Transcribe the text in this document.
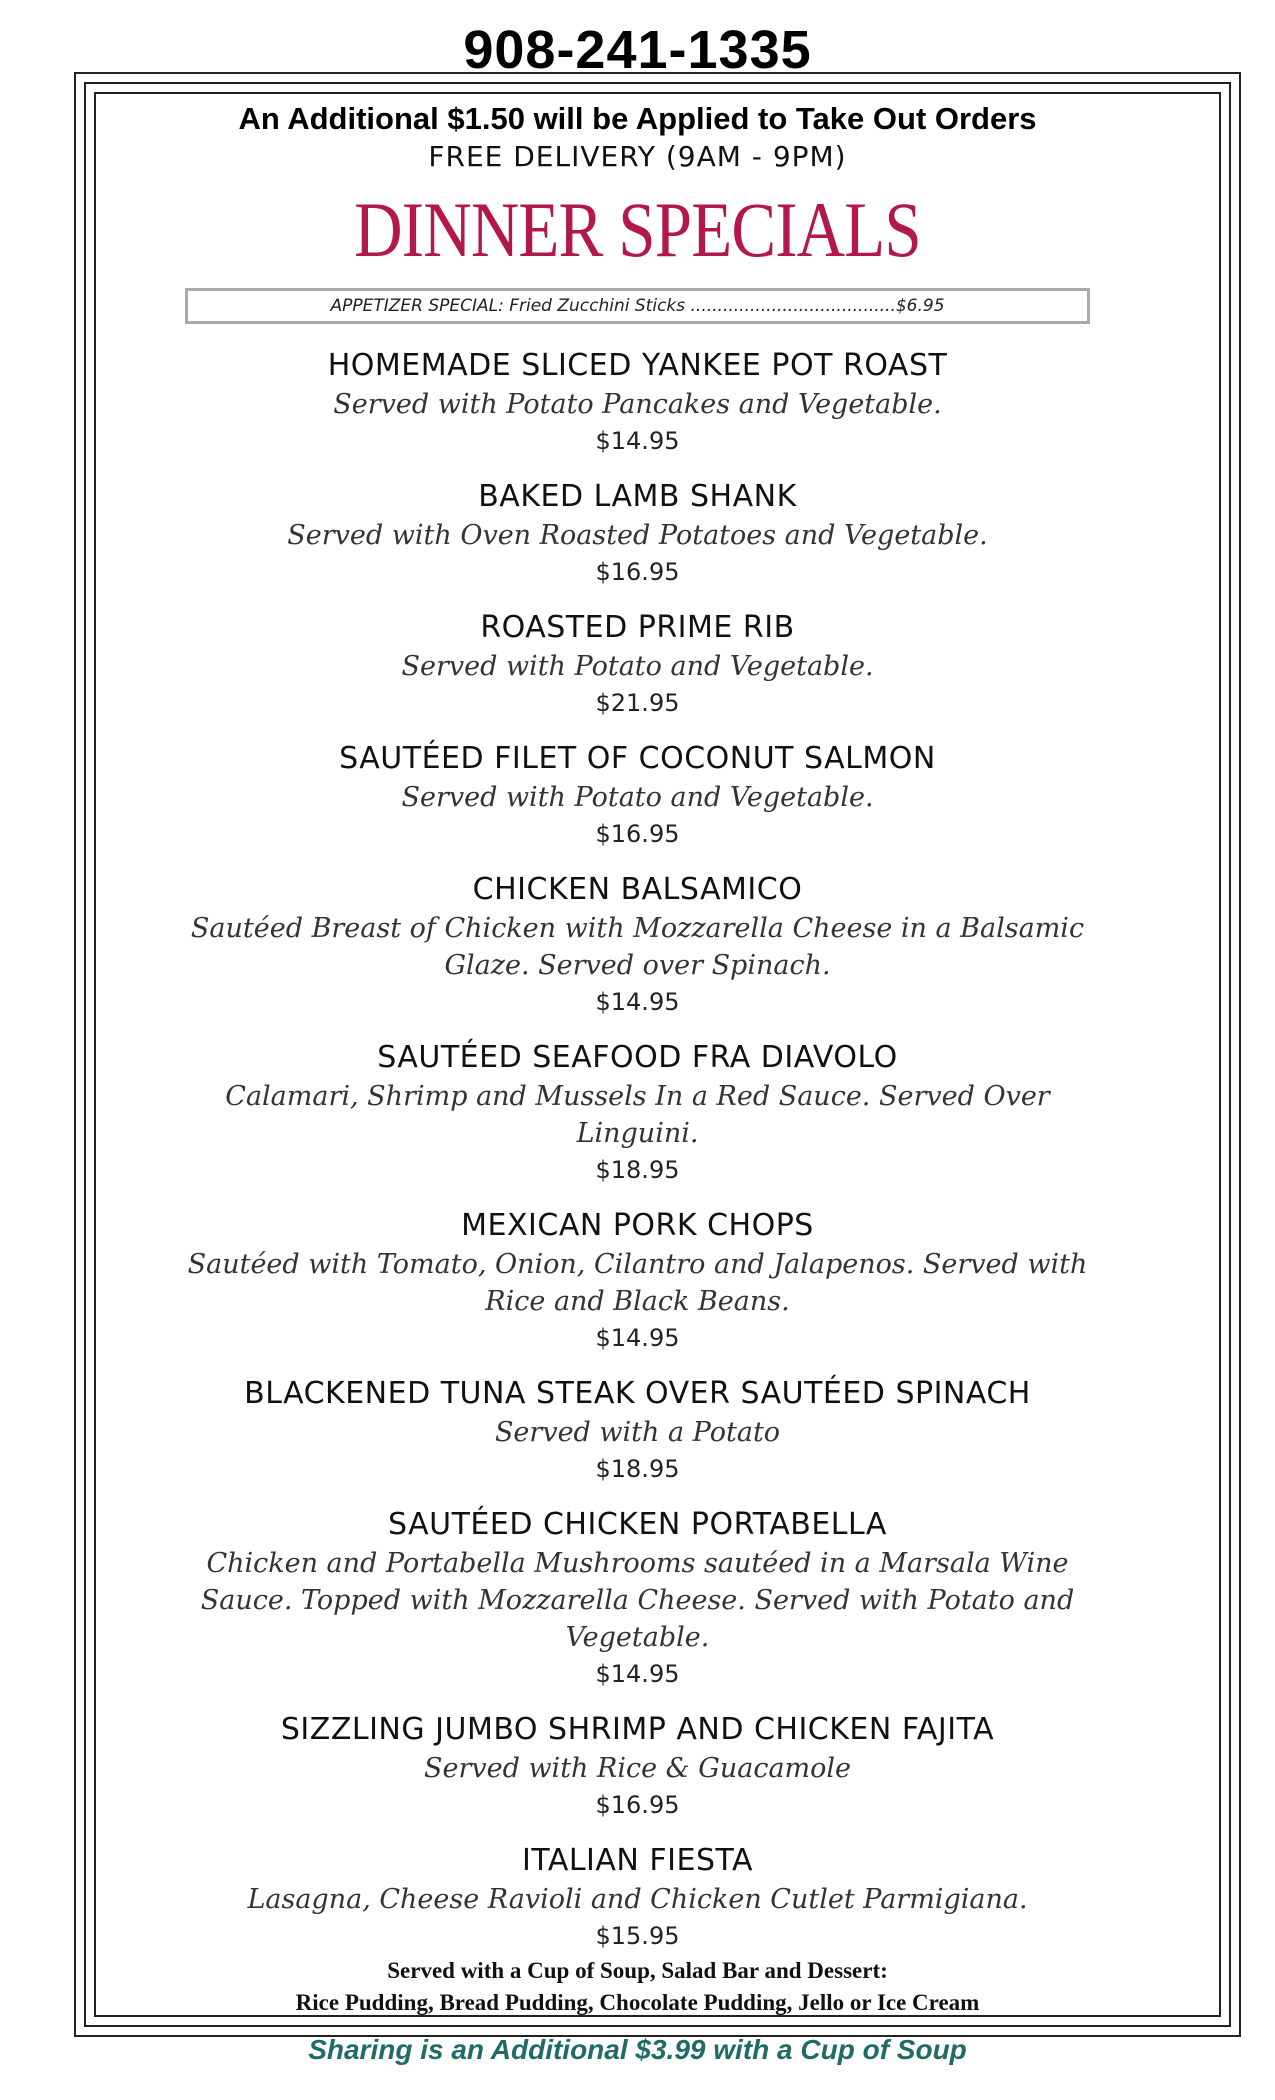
908-241-1335
An Additional $1.50 will be Applied to Take Out Orders
FREE DELIVERY (9AM - 9PM)
DINNER SPECIALS
APPETIZER SPECIAL: Fried Zucchini Sticks ......................................$6.95
HOMEMADE SLICED YANKEE POT ROAST
Served with Potato Pancakes and Vegetable.
$14.95
BAKED LAMB SHANK
Served with Oven Roasted Potatoes and Vegetable.
$16.95
ROASTED PRIME RIB
Served with Potato and Vegetable.
$21.95
SAUTÉED FILET OF COCONUT SALMON
Served with Potato and Vegetable.
$16.95
CHICKEN BALSAMICO
Sautéed Breast of Chicken with Mozzarella Cheese in a Balsamic Glaze. Served over Spinach.
$14.95
SAUTÉED SEAFOOD FRA DIAVOLO
Calamari, Shrimp and Mussels In a Red Sauce. Served Over Linguini.
$18.95
MEXICAN PORK CHOPS
Sautéed with Tomato, Onion, Cilantro and Jalapenos. Served with Rice and Black Beans.
$14.95
BLACKENED TUNA STEAK OVER SAUTÉED SPINACH
Served with a Potato
$18.95
SAUTÉED CHICKEN PORTABELLA
Chicken and Portabella Mushrooms sautéed in a Marsala Wine Sauce. Topped with Mozzarella Cheese. Served with Potato and Vegetable.
$14.95
SIZZLING JUMBO SHRIMP AND CHICKEN FAJITA
Served with Rice & Guacamole
$16.95
ITALIAN FIESTA
Lasagna, Cheese Ravioli and Chicken Cutlet Parmigiana.
$15.95
Served with a Cup of Soup, Salad Bar and Dessert:
Rice Pudding, Bread Pudding, Chocolate Pudding, Jello or Ice Cream
Sharing is an Additional $3.99 with a Cup of Soup
